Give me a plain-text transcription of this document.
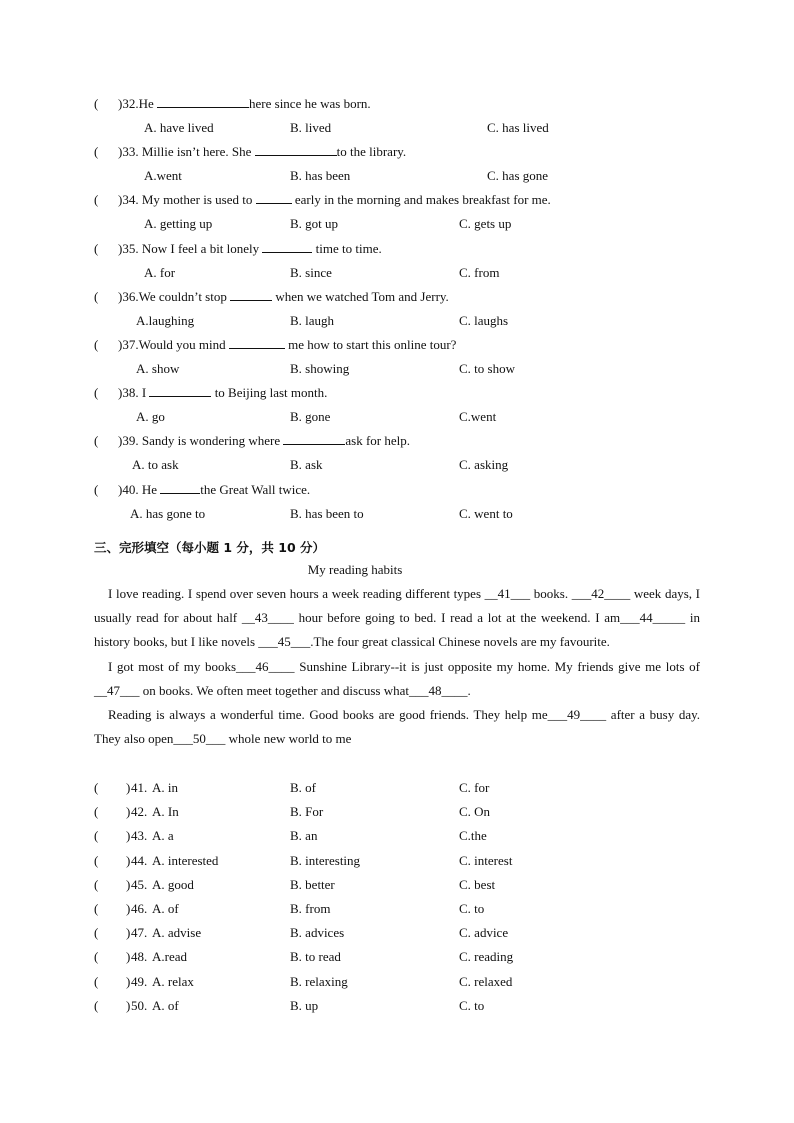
( )32.He	here since he was born.
A. have lived	B. lived	C. has lived
( )33. Millie isn’t here. She	to the library.
A.went	B. has been	C. has gone
( )34. My mother is used to	early in the morning and makes breakfast for me.
A. getting up	B. got up	C. gets up
( )35. Now I feel a bit lonely	time to time.
A. for	B. since	C. from
( )36.We couldn’t stop	when we watched Tom and Jerry.
A.laughing	B. laugh	C. laughs
( )37.Would you mind	me how to start this online tour?
A. show	B. showing	C. to show
( )38. I	to Beijing last month.
A. go	B. gone	C.went
( )39. Sandy is wondering where	ask for help.
A. to ask	B. ask	C. asking
( )40. He	the Great Wall twice.
A. has gone to	B. has been to	C. went to
三、完形填空（每小题 1 分，共 10 分）
My reading habits

I love reading. I spend over seven hours a week reading different types __41___ books. ___42____ week days, I usually read for about half __43____ hour before going to bed. I read a lot at the weekend. I am___44_____ in history books, but I like novels ___45___.The four great classical Chinese novels are my favourite.

I got most of my books___46____ Sunshine Library--it is just opposite my home. My friends give me lots of __47___ on books. We often meet together and discuss what___48____.

Reading is always a wonderful time. Good books are good friends. They help me___49____ after a busy day. They also open___50___ whole new world to me

( ) 41. A. in	B. of	C. for
( ) 42. A. In	B. For	C. On
( ) 43. A. a	B. an	C.the
( ) 44. A. interested	B. interesting	C. interest
( ) 45. A. good	B. better	C. best
( ) 46. A. of	B. from	C. to
( ) 47. A. advise	B. advices	C. advice
( ) 48. A.read	B. to read	C. reading
( ) 49. A. relax	B. relaxing	C. relaxed
( ) 50. A. of	B. up	C. to
